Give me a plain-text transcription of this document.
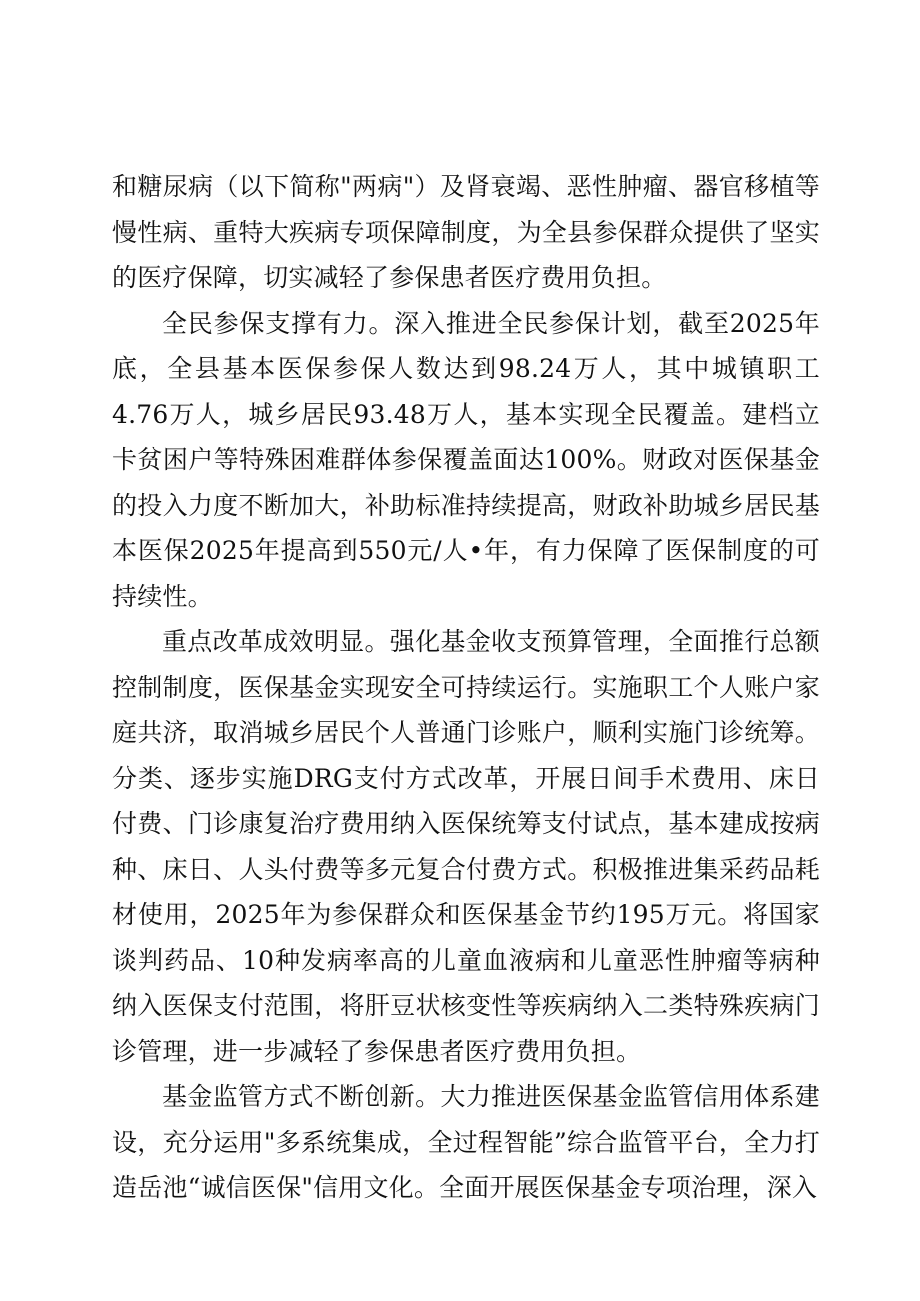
和糖尿病（以下简称"两病"）及肾衰竭、恶性肿瘤、器官移植等慢性病、重特大疾病专项保障制度，为全县参保群众提供了坚实的医疗保障，切实减轻了参保患者医疗费用负担。

全民参保支撑有力。深入推进全民参保计划，截至2025年底，全县基本医保参保人数达到98.24万人，其中城镇职工4.76万人，城乡居民93.48万人，基本实现全民覆盖。建档立卡贫困户等特殊困难群体参保覆盖面达100%。财政对医保基金的投入力度不断加大，补助标准持续提高，财政补助城乡居民基本医保2025年提高到550元/人•年，有力保障了医保制度的可持续性。

重点改革成效明显。强化基金收支预算管理，全面推行总额控制制度，医保基金实现安全可持续运行。实施职工个人账户家庭共济，取消城乡居民个人普通门诊账户，顺利实施门诊统筹。分类、逐步实施DRG支付方式改革，开展日间手术费用、床日付费、门诊康复治疗费用纳入医保统筹支付试点，基本建成按病种、床日、人头付费等多元复合付费方式。积极推进集采药品耗材使用，2025年为参保群众和医保基金节约195万元。将国家谈判药品、10种发病率高的儿童血液病和儿童恶性肿瘤等病种纳入医保支付范围，将肝豆状核变性等疾病纳入二类特殊疾病门诊管理，进一步减轻了参保患者医疗费用负担。

基金监管方式不断创新。大力推进医保基金监管信用体系建设，充分运用"多系统集成，全过程智能”综合监管平台，全力打造岳池“诚信医保"信用文化。全面开展医保基金专项治理，深入
